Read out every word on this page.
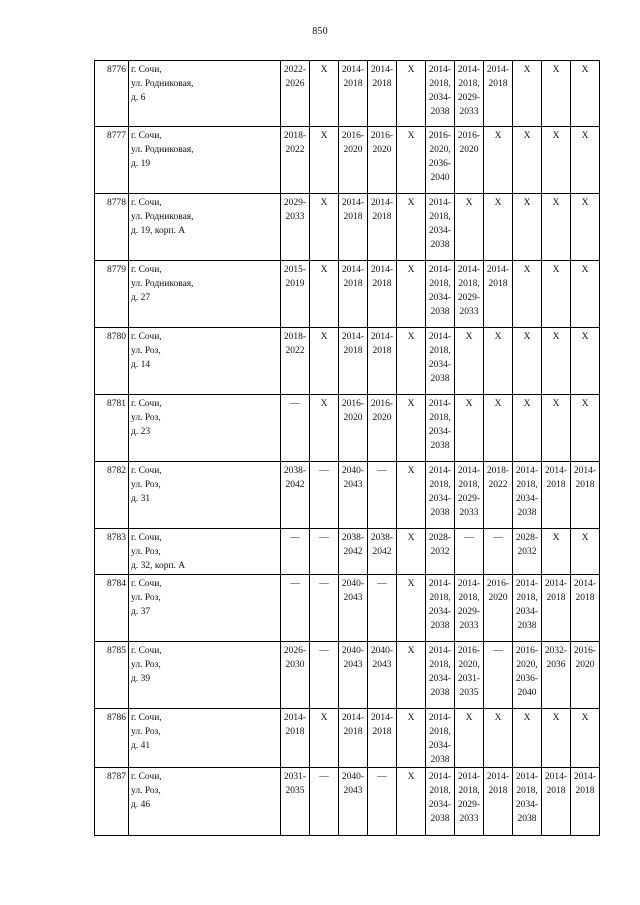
850
8776	г. Сочи,
ул. Родниковая,
д. 6	2022-
2026	X	2014-
2018	2014-
2018	X	2014-
2018,
2034-
2038	2014-
2018,
2029-
2033	2014-
2018	X	X	X
8777	г. Сочи,
ул. Родниковая,
д. 19	2018-
2022	X	2016-
2020	2016-
2020	X	2016-
2020,
2036-
2040	2016-
2020	X	X	X	X
8778	г. Сочи,
ул. Родниковая,
д. 19, корп. А	2029-
2033	X	2014-
2018	2014-
2018	X	2014-
2018,
2034-
2038	X	X	X	X	X
8779	г. Сочи,
ул. Родниковая,
д. 27	2015-
2019	X	2014-
2018	2014-
2018	X	2014-
2018,
2034-
2038	2014-
2018,
2029-
2033	2014-
2018	X	X	X
8780	г. Сочи,
ул. Роз,
д. 14	2018-
2022	X	2014-
2018	2014-
2018	X	2014-
2018,
2034-
2038	X	X	X	X	X
8781	г. Сочи,
ул. Роз,
д. 23	—	X	2016-
2020	2016-
2020	X	2014-
2018,
2034-
2038	X	X	X	X	X
8782	г. Сочи,
ул. Роз,
д. 31	2038-
2042	—	2040-
2043	—	X	2014-
2018,
2034-
2038	2014-
2018,
2029-
2033	2018-
2022	2014-
2018,
2034-
2038	2014-
2018	2014-
2018
8783	г. Сочи,
ул. Роз,
д. 32, корп. А	—	—	2038-
2042	2038-
2042	X	2028-
2032	—	—	2028-
2032	X	X
8784	г. Сочи,
ул. Роз,
д. 37	—	—	2040-
2043	—	X	2014-
2018,
2034-
2038	2014-
2018,
2029-
2033	2016-
2020	2014-
2018,
2034-
2038	2014-
2018	2014-
2018
8785	г. Сочи,
ул. Роз,
д. 39	2026-
2030	—	2040-
2043	2040-
2043	X	2014-
2018,
2034-
2038	2016-
2020,
2031-
2035	—	2016-
2020,
2036-
2040	2032-
2036	2016-
2020
8786	г. Сочи,
ул. Роз,
д. 41	2014-
2018	X	2014-
2018	2014-
2018	X	2014-
2018,
2034-
2038	X	X	X	X	X
8787	г. Сочи,
ул. Роз,
д. 46	2031-
2035	—	2040-
2043	—	X	2014-
2018,
2034-
2038	2014-
2018,
2029-
2033	2014-
2018	2014-
2018,
2034-
2038	2014-
2018	2014-
2018
